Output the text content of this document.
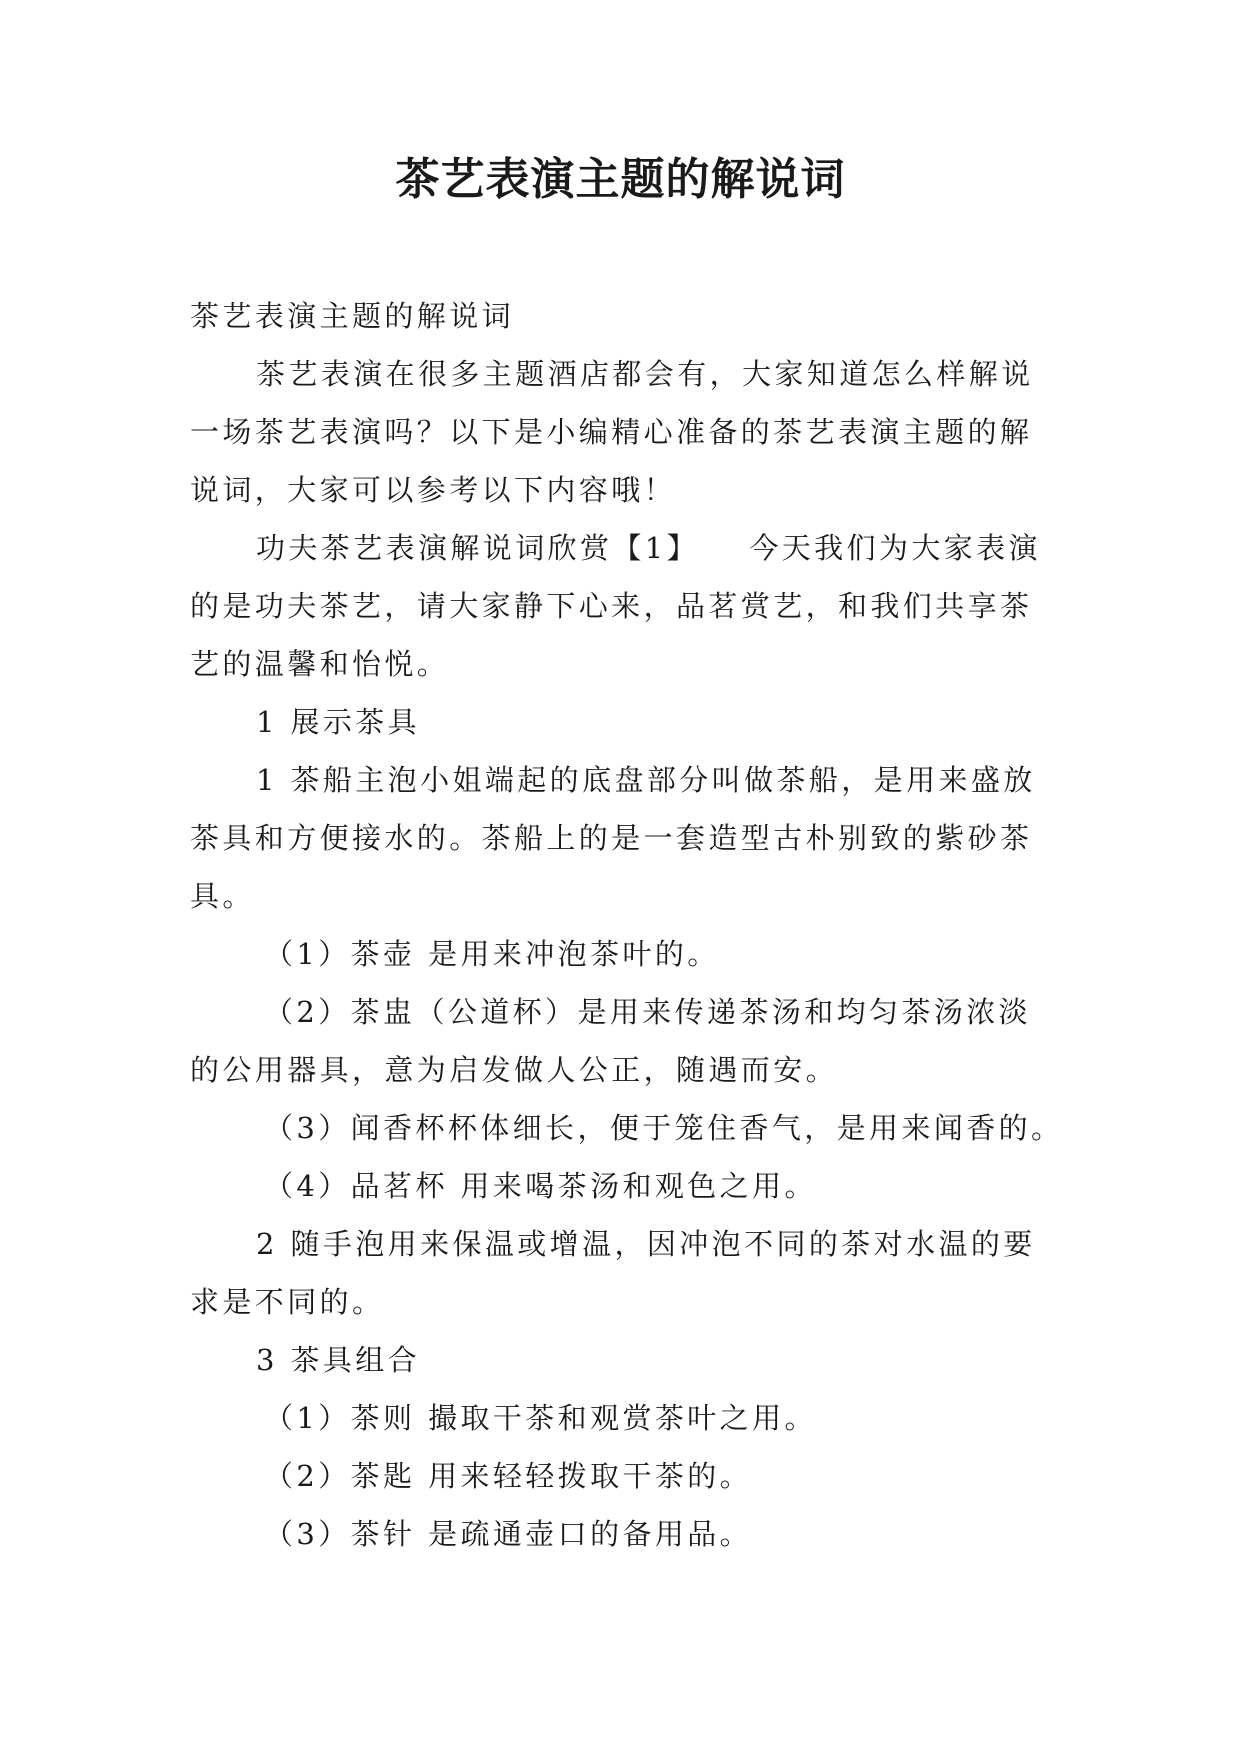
茶艺表演主题的解说词

茶艺表演主题的解说词

茶艺表演在很多主题酒店都会有，大家知道怎么样解说一场茶艺表演吗？以下是小编精心准备的茶艺表演主题的解说词，大家可以参考以下内容哦！

功夫茶艺表演解说词欣赏【1】　　今天我们为大家表演的是功夫茶艺，请大家静下心来，品茗赏艺，和我们共享茶艺的温馨和怡悦。

1 展示茶具

1 茶船主泡小姐端起的底盘部分叫做茶船，是用来盛放茶具和方便接水的。茶船上的是一套造型古朴别致的紫砂茶具。

（1）茶壶 是用来冲泡茶叶的。

（2）茶盅（公道杯）是用来传递茶汤和均匀茶汤浓淡的公用器具，意为启发做人公正，随遇而安。

（3）闻香杯杯体细长，便于笼住香气，是用来闻香的。

（4）品茗杯 用来喝茶汤和观色之用。

2 随手泡用来保温或增温，因冲泡不同的茶对水温的要求是不同的。

3 茶具组合

（1）茶则 撮取干茶和观赏茶叶之用。

（2）茶匙 用来轻轻拨取干茶的。

（3）茶针 是疏通壶口的备用品。
